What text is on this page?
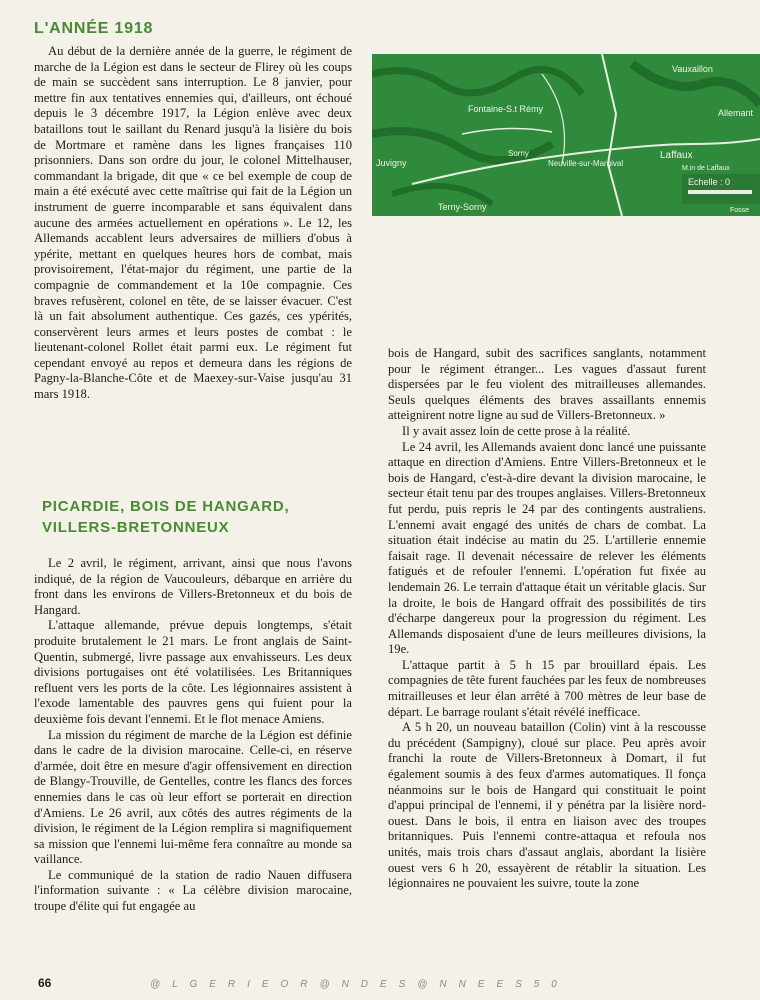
L'ANNÉE 1918

Au début de la dernière année de la guerre, le régiment de marche de la Légion est dans le secteur de Flirey où les coups de main se succèdent sans interruption. Le 8 janvier, pour mettre fin aux tentatives ennemies qui, d'ailleurs, ont échoué depuis le 3 décembre 1917, la Légion enlève avec deux bataillons tout le saillant du Renard jusqu'à la lisière du bois de Mortmare et ramène dans les lignes françaises 110 prisonniers. Dans son ordre du jour, le colonel Mittelhauser, commandant la brigade, dit que « ce bel exemple de coup de main a été exécuté avec cette maîtrise qui fait de la Légion un instrument de guerre incomparable et sans équivalent dans aucune des armées actuellement en opérations ». Le 12, les Allemands accablent leurs adversaires de milliers d'obus à ypérite, mettant en quelques heures hors de combat, mais provisoirement, l'état-major du régiment, une partie de la compagnie de commandement et la 10e compagnie. Ces braves refusèrent, colonel en tête, de se laisser évacuer. C'est là un fait absolument authentique. Ces gazés, ces ypérités, conservèrent leurs armes et leurs postes de combat : le lieutenant-colonel Rollet était parmi eux. Le régiment fut cependant envoyé au repos et demeura dans les régions de Pagny-la-Blanche-Côte et de Maexey-sur-Vaise jusqu'au 31 mars 1918.

PICARDIE, BOIS DE HANGARD,
VILLERS-BRETONNEUX

Le 2 avril, le régiment, arrivant, ainsi que nous l'avons indiqué, de la région de Vaucouleurs, débarque en arrière du front dans les environs de Villers-Bretonneux et du bois de Hangard.

L'attaque allemande, prévue depuis longtemps, s'était produite brutalement le 21 mars. Le front anglais de Saint-Quentin, submergé, livre passage aux envahisseurs. Les deux divisions portugaises ont été volatilisées. Les Britanniques refluent vers les ports de la côte. Les légionnaires assistent à l'exode lamentable des pauvres gens qui fuient pour la deuxième fois devant l'ennemi. Et le flot menace Amiens.

La mission du régiment de marche de la Légion est définie dans le cadre de la division marocaine. Celle-ci, en réserve d'armée, doit être en mesure d'agir offensivement en direction de Blangy-Trouville, de Gentelles, contre les flancs des forces ennemies dans le cas où leur effort se porterait en direction d'Amiens. Le 26 avril, aux côtés des autres régiments de la division, le régiment de la Légion remplira si magnifiquement sa mission que l'ennemi lui-même fera connaître au monde sa vaillance.

Le communiqué de la station de radio Nauen diffusera l'information suivante : « La célèbre division marocaine, troupe d'élite qui fut engagée au

Vauxaillon
Fontaine-S.t Rémy
Neuville-sur-Margival
Laffaux
Juvigny
Terny-Sorny
Sorny
Allemant
M.in de Laffaux
Echelle : 0
Fosse

bois de Hangard, subit des sacrifices sanglants, notamment pour le régiment étranger... Les vagues d'assaut furent dispersées par le feu violent des mitrailleuses allemandes. Seuls quelques éléments des braves assaillants ennemis atteignirent notre ligne au sud de Villers-Bretonneux. »

Il y avait assez loin de cette prose à la réalité.

Le 24 avril, les Allemands avaient donc lancé une puissante attaque en direction d'Amiens. Entre Villers-Bretonneux et le bois de Hangard, c'est-à-dire devant la division marocaine, le secteur était tenu par des troupes anglaises. Villers-Bretonneux fut perdu, puis repris le 24 par des contingents australiens. L'ennemi avait engagé des unités de chars de combat. La situation était indécise au matin du 25. L'artillerie ennemie faisait rage. Il devenait nécessaire de relever les éléments fatigués et de refouler l'ennemi. L'opération fut fixée au lendemain 26. Le terrain d'attaque était un véritable glacis. Sur la droite, le bois de Hangard offrait des possibilités de tirs d'écharpe dangereux pour la progression du régiment. Les Allemands disposaient d'une de leurs meilleures divisions, la 19e.

L'attaque partit à 5 h 15 par brouillard épais. Les compagnies de tête furent fauchées par les feux de nombreuses mitrailleuses et leur élan arrêté à 700 mètres de leur base de départ. Le barrage roulant s'était révélé inefficace.

A 5 h 20, un nouveau bataillon (Colin) vint à la rescousse du précédent (Sampigny), cloué sur place. Peu après avoir franchi la route de Villers-Bretonneux à Domart, il fut également soumis à des feux d'armes automatiques. Il fonça néanmoins sur le bois de Hangard qui constituait le point d'appui principal de l'ennemi, il y pénétra par la lisière nord-ouest. Dans le bois, il entra en liaison avec des troupes britanniques. Puis l'ennemi contre-attaqua et refoula nos unités, mais trois chars d'assaut anglais, abordant la lisière ouest vers 6 h 20, essayèrent de rétablir la situation. Les légionnaires ne pouvaient les suivre, toute la zone

66	@ L G E R I E O R @ N D E S @ N N E E S 5 0
